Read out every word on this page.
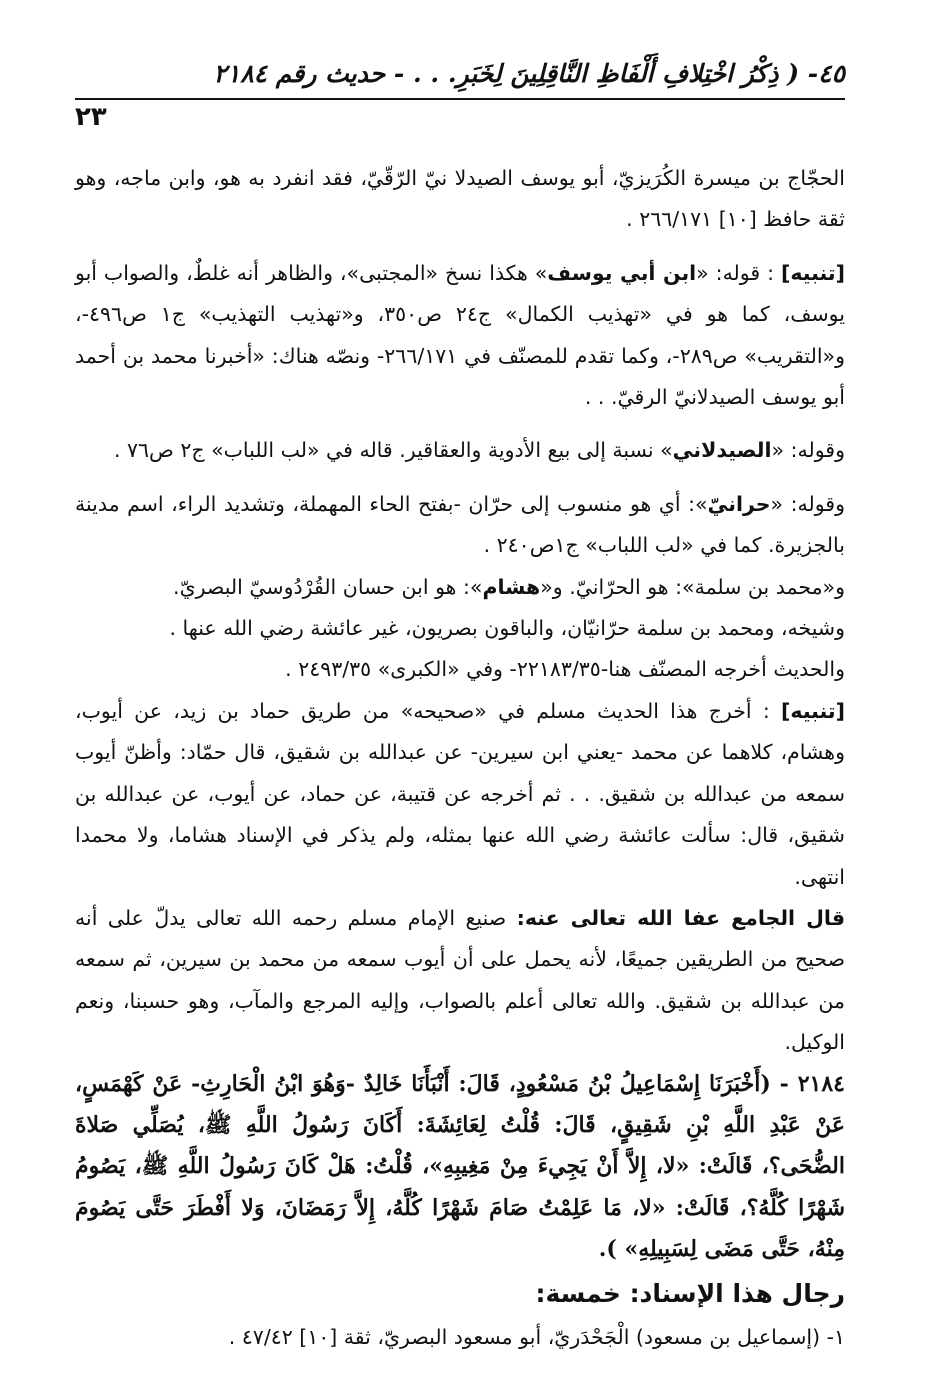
٤٥- ( ذِكْرُ اخْتِلافِ أَلْفَاظِ النَّاقِلِينَ لِخَبَرِ. . . - حديث رقم ٢١٨٤
٢٣

الحجّاج بن ميسرة الكُرَيزيّ، أبو يوسف الصيدلا نيّ الرّقّيّ، فقد انفرد به هو، وابن ماجه، وهو ثقة حافظ [١٠] ٢٦٦/١٧١ .

[تنبيه] : قوله: «ابن أبي يوسف» هكذا نسخ «المجتبى»، والظاهر أنه غلطٌ، والصواب أبو يوسف، كما هو في «تهذيب الكمال» ج٢٤ ص٣٥٠، و«تهذيب التهذيب» ج١ ص٤٩٦-، و«التقريب» ص٢٨٩-، وكما تقدم للمصنّف في ٢٦٦/١٧١- ونصّه هناك: «أخبرنا محمد بن أحمد أبو يوسف الصيدلانيّ الرقيّ. . .

وقوله: «الصيدلاني» نسبة إلى بيع الأدوية والعقاقير. قاله في «لب اللباب» ج٢ ص٧٦ .

وقوله: «حرانيّ»: أي هو منسوب إلى حرّان -بفتح الحاء المهملة، وتشديد الراء، اسم مدينة بالجزيرة. كما في «لب اللباب» ج١ص٢٤٠ .

و«محمد بن سلمة»: هو الحرّانيّ. و«هشام»: هو ابن حسان القُرْدُوسيّ البصريّ.

وشيخه، ومحمد بن سلمة حرّانيّان، والباقون بصريون، غير عائشة رضي الله عنها .

والحديث أخرجه المصنّف هنا-٢٢١٨٣/٣٥- وفي «الكبرى» ٢٤٩٣/٣٥ .

[تنبيه] : أخرج هذا الحديث مسلم في «صحيحه» من طريق حماد بن زيد، عن أيوب، وهشام، كلاهما عن محمد -يعني ابن سيرين- عن عبدالله بن شقيق، قال حمّاد: وأظنّ أيوب سمعه من عبدالله بن شقيق. . . ثم أخرجه عن قتيبة، عن حماد، عن أيوب، عن عبدالله بن شقيق، قال: سألت عائشة رضي الله عنها بمثله، ولم يذكر في الإسناد هشاما، ولا محمدا انتهى.

قال الجامع عفا الله تعالى عنه: صنيع الإمام مسلم رحمه الله تعالى يدلّ على أنه صحيح من الطريقين جميعًا، لأنه يحمل على أن أيوب سمعه من محمد بن سيرين، ثم سمعه من عبدالله بن شقيق. والله تعالى أعلم بالصواب، وإليه المرجع والمآب، وهو حسبنا، ونعم الوكيل.

٢١٨٤ - (أَخْبَرَنَا إِسْمَاعِيلُ بْنُ مَسْعُودٍ، قَالَ: أَنْبَأَنَا خَالِدٌ -وَهُوَ ابْنُ الْحَارِثِ- عَنْ كَهْمَسٍ، عَنْ عَبْدِ اللَّهِ بْنِ شَقِيقٍ، قَالَ: قُلْتُ لِعَائِشَةَ: أَكَانَ رَسُولُ اللَّهِ ﷺ، يُصَلِّي صَلاةَ الضُّحَى؟، قَالَتْ: «لا، إِلاَّ أَنْ يَجِيءَ مِنْ مَغِيبِهِ»، قُلْتُ: هَلْ كَانَ رَسُولُ اللَّهِ ﷺ، يَصُومُ شَهْرًا كُلَّهُ؟، قَالَتْ: «لا، مَا عَلِمْتُ صَامَ شَهْرًا كُلَّهُ، إِلاَّ رَمَضَانَ، وَلا أَفْطَرَ حَتَّى يَصُومَ مِنْهُ، حَتَّى مَضَى لِسَبِيلِهِ» ).

رجال هذا الإسناد: خمسة:

١- (إسماعيل بن مسعود) الْجَحْدَريّ، أبو مسعود البصريّ، ثقة [١٠] ٤٧/٤٢ .
